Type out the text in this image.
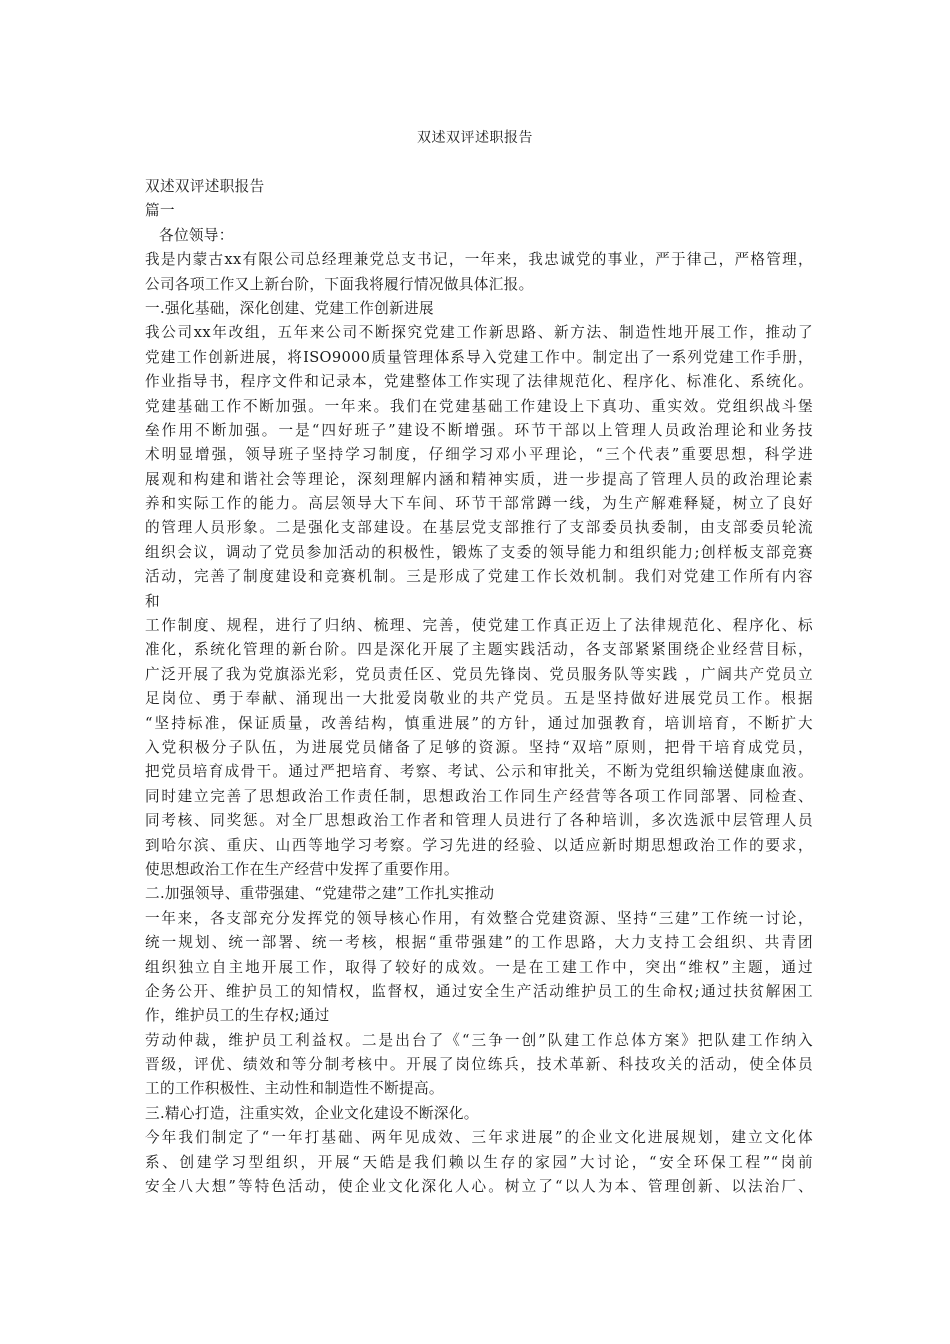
双述双评述职报告
双述双评述职报告
篇一
各位领导：
我是内蒙古xx有限公司总经理兼党总支书记，一年来，我忠诚党的事业，严于律己，严格管理，
公司各项工作又上新台阶，下面我将履行情况做具体汇报。
一.强化基础，深化创建、党建工作创新进展
我公司xx年改组，五年来公司不断探究党建工作新思路、新方法、制造性地开展工作，推动了
党建工作创新进展，将ISO9000质量管理体系导入党建工作中。制定出了一系列党建工作手册，
作业指导书，程序文件和记录本，党建整体工作实现了法律规范化、程序化、标准化、系统化。
党建基础工作不断加强。一年来。我们在党建基础工作建设上下真功、重实效。党组织战斗堡
垒作用不断加强。一是“四好班子”建设不断增强。环节干部以上管理人员政治理论和业务技
术明显增强，领导班子坚持学习制度，仔细学习邓小平理论，“三个代表”重要思想，科学进
展观和构建和谐社会等理论，深刻理解内涵和精神实质，进一步提高了管理人员的政治理论素
养和实际工作的能力。高层领导大下车间、环节干部常蹲一线，为生产解难释疑，树立了良好
的管理人员形象。二是强化支部建设。在基层党支部推行了支部委员执委制，由支部委员轮流
组织会议，调动了党员参加活动的积极性，锻炼了支委的领导能力和组织能力;创样板支部竞赛
活动，完善了制度建设和竞赛机制。三是形成了党建工作长效机制。我们对党建工作所有内容
和
工作制度、规程，进行了归纳、梳理、完善，使党建工作真正迈上了法律规范化、程序化、标
准化，系统化管理的新台阶。四是深化开展了主题实践活动，各支部紧紧围绕企业经营目标，
广泛开展了我为党旗添光彩，党员责任区、党员先锋岗、党员服务队等实践 ，广阔共产党员立
足岗位、勇于奉献、涌现出一大批爱岗敬业的共产党员。五是坚持做好进展党员工作。根据
“坚持标准，保证质量，改善结构，慎重进展”的方针，通过加强教育，培训培育，不断扩大
入党积极分子队伍，为进展党员储备了足够的资源。坚持“双培”原则，把骨干培育成党员，
把党员培育成骨干。通过严把培育、考察、考试、公示和审批关，不断为党组织输送健康血液。
同时建立完善了思想政治工作责任制，思想政治工作同生产经营等各项工作同部署、同检查、
同考核、同奖惩。对全厂思想政治工作者和管理人员进行了各种培训，多次选派中层管理人员
到哈尔滨、重庆、山西等地学习考察。学习先进的经验、以适应新时期思想政治工作的要求，
使思想政治工作在生产经营中发挥了重要作用。
二.加强领导、重带强建、“党建带之建”工作扎实推动
一年来，各支部充分发挥党的领导核心作用，有效整合党建资源、坚持“三建”工作统一讨论，
统一规划、统一部署、统一考核，根据“重带强建”的工作思路，大力支持工会组织、共青团
组织独立自主地开展工作，取得了较好的成效。一是在工建工作中，突出“维权”主题，通过
企务公开、维护员工的知情权，监督权，通过安全生产活动维护员工的生命权;通过扶贫解困工
作，维护员工的生存权;通过
劳动仲裁，维护员工利益权。二是出台了《“三争一创”队建工作总体方案》把队建工作纳入
晋级，评优、绩效和等分制考核中。开展了岗位练兵，技术革新、科技攻关的活动，使全体员
工的工作积极性、主动性和制造性不断提高。
三.精心打造，注重实效，企业文化建设不断深化。
今年我们制定了“一年打基础、两年见成效、三年求进展”的企业文化进展规划，建立文化体
系、创建学习型组织，开展“天皓是我们赖以生存的家园”大讨论，“安全环保工程”“岗前
安全八大想”等特色活动，使企业文化深化人心。树立了“以人为本、管理创新、以法治厂、
